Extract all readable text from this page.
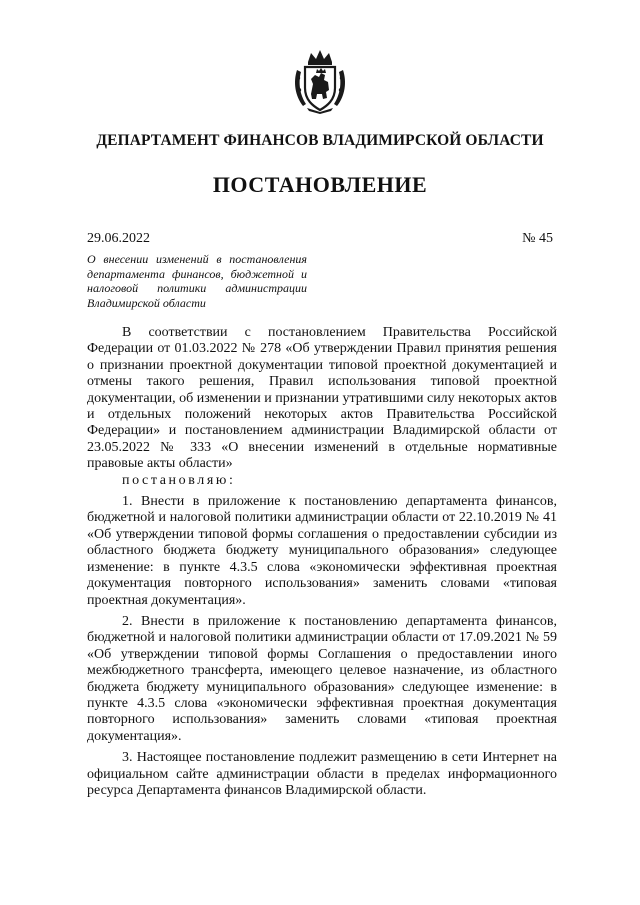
ДЕПАРТАМЕНТ ФИНАНСОВ ВЛАДИМИРСКОЙ ОБЛАСТИ
ПОСТАНОВЛЕНИЕ
29.06.2022	№ 45
О внесении изменений в постановления департамента финансов, бюджетной и налоговой политики администрации Владимирской области

В соответствии с постановлением Правительства Российской Федерации от 01.03.2022 № 278 «Об утверждении Правил принятия решения о признании проектной документации типовой проектной документацией и отмены такого решения, Правил использования типовой проектной документации, об изменении и признании утратившими силу некоторых актов и отдельных положений некоторых актов Правительства Российской Федерации» и постановлением администрации Владимирской области от 23.05.2022 № 333 «О внесении изменений в отдельные нормативные правовые акты области»

постановляю:

1. Внести в приложение к постановлению департамента финансов, бюджетной и налоговой политики администрации области от 22.10.2019 № 41 «Об утверждении типовой формы соглашения о предоставлении субсидии из областного бюджета бюджету муниципального образования» следующее изменение: в пункте 4.3.5 слова «экономически эффективная проектная документация повторного использования» заменить словами «типовая проектная документация».

2. Внести в приложение к постановлению департамента финансов, бюджетной и налоговой политики администрации области от 17.09.2021 № 59 «Об утверждении типовой формы Соглашения о предоставлении иного межбюджетного трансферта, имеющего целевое назначение, из областного бюджета бюджету муниципального образования» следующее изменение: в пункте 4.3.5 слова «экономически эффективная проектная документация повторного использования» заменить словами «типовая проектная документация».

3. Настоящее постановление подлежит размещению в сети Интернет на официальном сайте администрации области в пределах информационного ресурса Департамента финансов Владимирской области.
